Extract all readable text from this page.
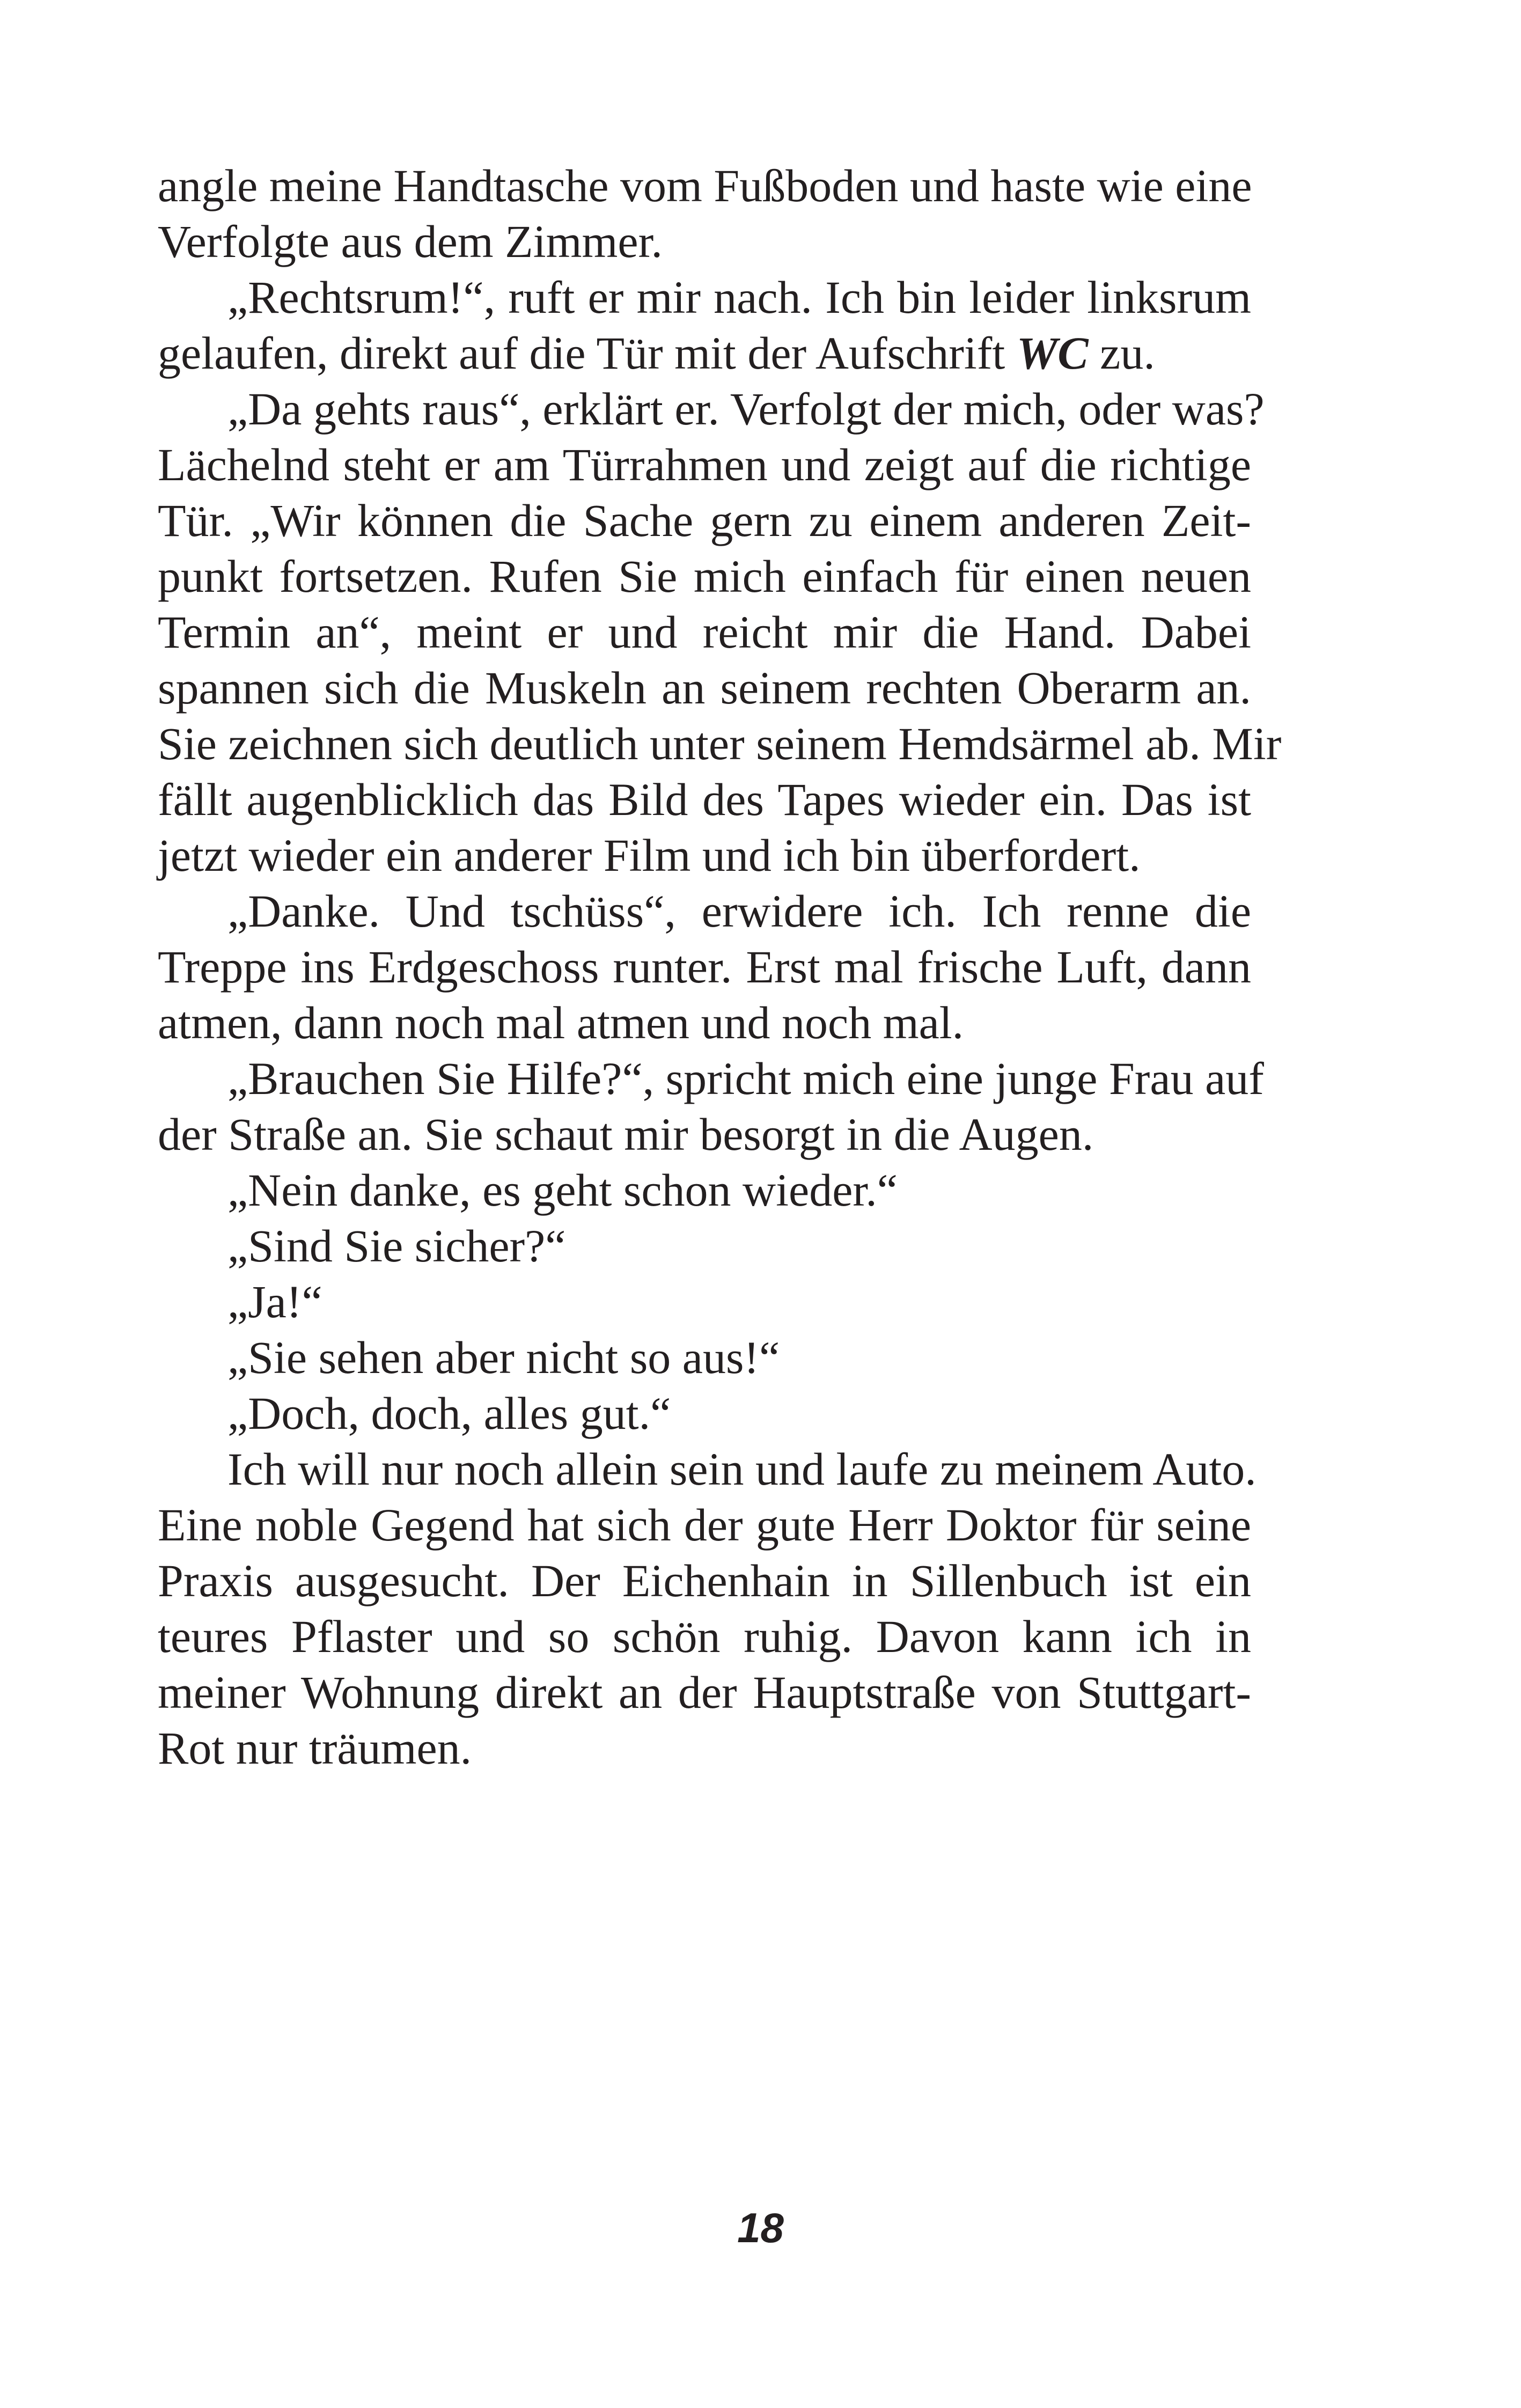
angle meine Handtasche vom Fußboden und haste wie eine
Verfolgte aus dem Zimmer.
„Rechtsrum!“, ruft er mir nach. Ich bin leider linksrum
gelaufen, direkt auf die Tür mit der Aufschrift WC zu.
„Da gehts raus“, erklärt er. Verfolgt der mich, oder was?
Lächelnd steht er am Türrahmen und zeigt auf die richtige
Tür. „Wir können die Sache gern zu einem anderen Zeit-
punkt fortsetzen. Rufen Sie mich einfach für einen neuen
Termin an“, meint er und reicht mir die Hand. Dabei
spannen sich die Muskeln an seinem rechten Oberarm an.
Sie zeichnen sich deutlich unter seinem Hemdsärmel ab. Mir
fällt augenblicklich das Bild des Tapes wieder ein. Das ist
jetzt wieder ein anderer Film und ich bin überfordert.
„Danke. Und tschüss“, erwidere ich. Ich renne die
Treppe ins Erdgeschoss runter. Erst mal frische Luft, dann
atmen, dann noch mal atmen und noch mal.
„Brauchen Sie Hilfe?“, spricht mich eine junge Frau auf
der Straße an. Sie schaut mir besorgt in die Augen.
„Nein danke, es geht schon wieder.“
„Sind Sie sicher?“
„Ja!“
„Sie sehen aber nicht so aus!“
„Doch, doch, alles gut.“
Ich will nur noch allein sein und laufe zu meinem Auto.
Eine noble Gegend hat sich der gute Herr Doktor für seine
Praxis ausgesucht. Der Eichenhain in Sillenbuch ist ein
teures Pflaster und so schön ruhig. Davon kann ich in
meiner Wohnung direkt an der Hauptstraße von Stuttgart-
Rot nur träumen.
18
